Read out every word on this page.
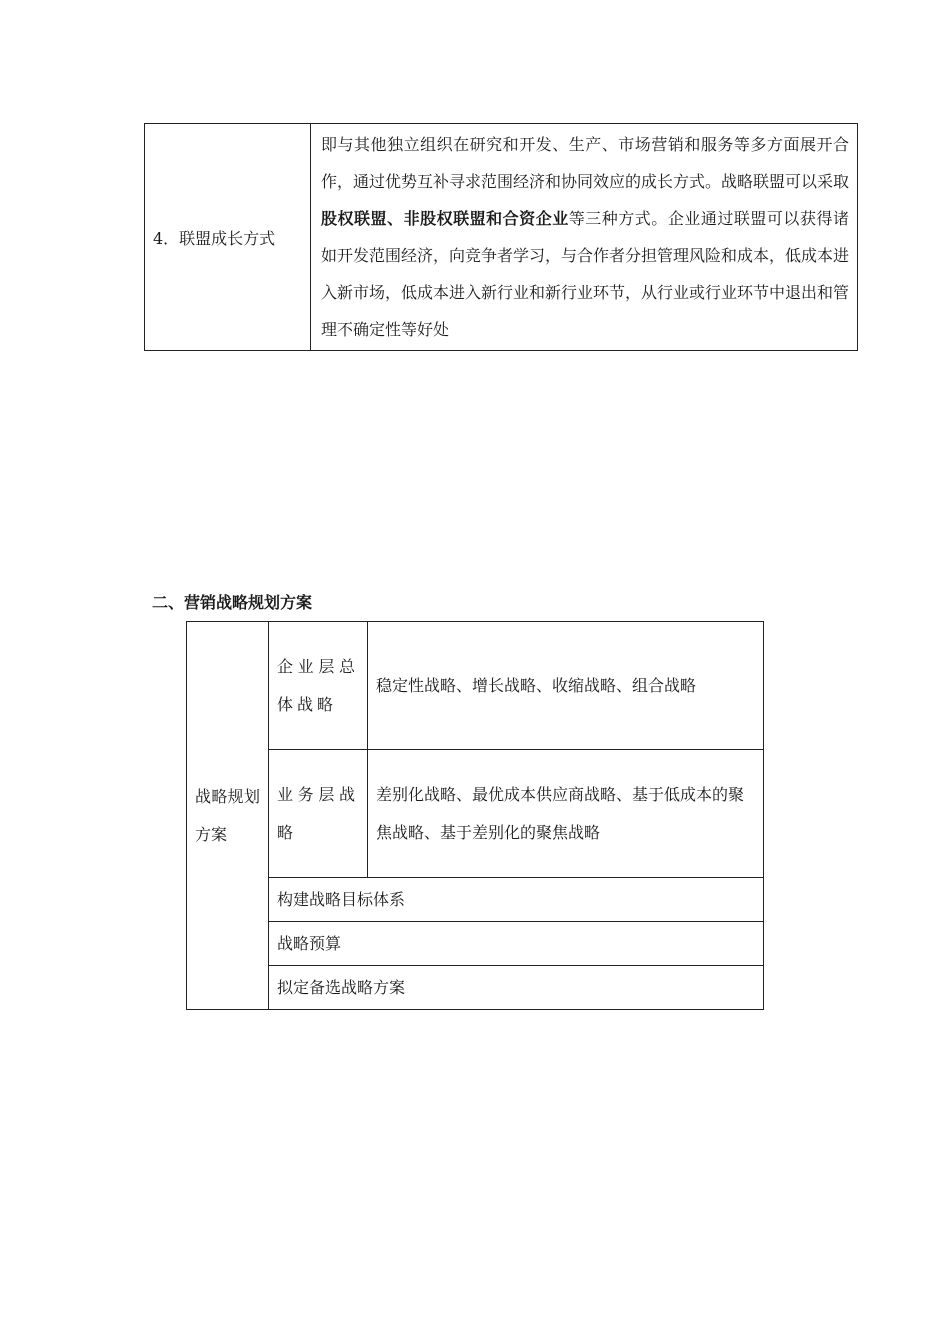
4．联盟成长方式	即与其他独立组织在研究和开发、生产、市场营销和服务等多方面展开合作，通过优势互补寻求范围经济和协同效应的成长方式。战略联盟可以采取股权联盟、非股权联盟和合资企业等三种方式。企业通过联盟可以获得诸如开发范围经济，向竞争者学习，与合作者分担管理风险和成本，低成本进入新市场，低成本进入新行业和新行业环节，从行业或行业环节中退出和管理不确定性等好处
二、营销战略规划方案
战略规划方案	企业层总体战略	稳定性战略、增长战略、收缩战略、组合战略
	业务层战略	差别化战略、最优成本供应商战略、基于低成本的聚焦战略、基于差别化的聚焦战略
	构建战略目标体系	
	战略预算	
	拟定备选战略方案	
